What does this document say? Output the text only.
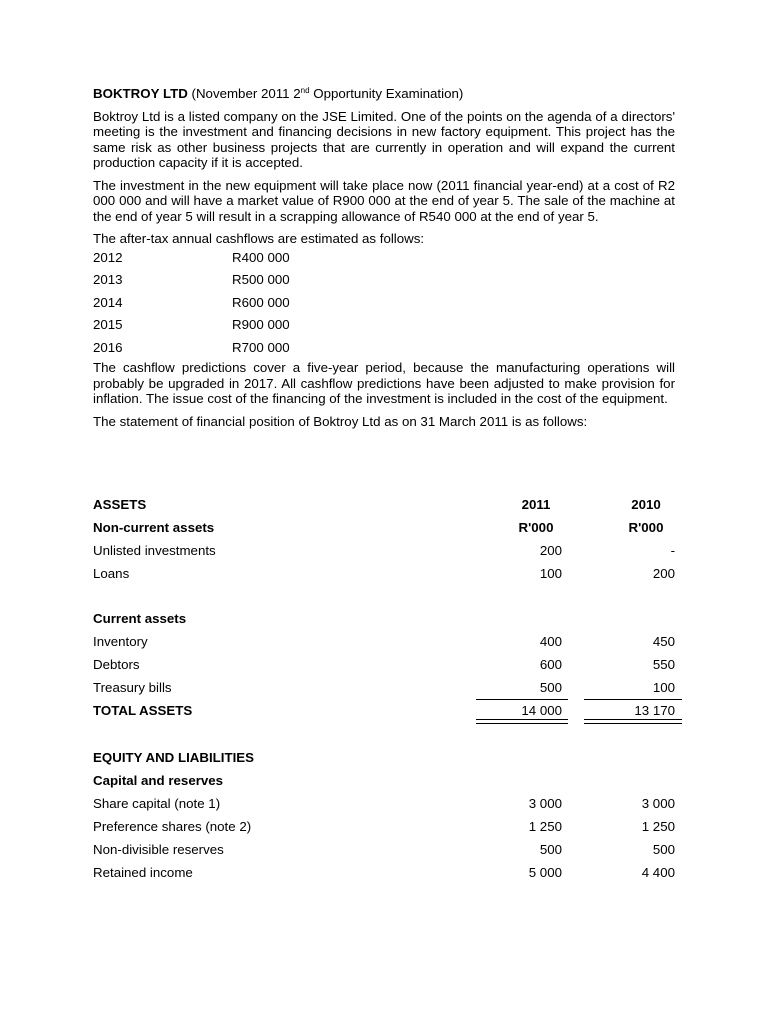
BOKTROY LTD (November 2011 2nd Opportunity Examination)

Boktroy Ltd is a listed company on the JSE Limited. One of the points on the agenda of a directors' meeting is the investment and financing decisions in new factory equipment. This project has the same risk as other business projects that are currently in operation and will expand the current production capacity if it is accepted.

The investment in the new equipment will take place now (2011 financial year-end) at a cost of R2 000 000 and will have a market value of R900 000 at the end of year 5. The sale of the machine at the end of year 5 will result in a scrapping allowance of R540 000 at the end of year 5.

The after-tax annual cashflows are estimated as follows:

2012	R400 000
2013	R500 000
2014	R600 000
2015	R900 000
2016	R700 000

The cashflow predictions cover a five-year period, because the manufacturing operations will probably be upgraded in 2017. All cashflow predictions have been adjusted to make provision for inflation. The issue cost of the financing of the investment is included in the cost of the equipment.

The statement of financial position of Boktroy Ltd as on 31 March 2011 is as follows:

ASSETS	2011	2010
Non-current assets	R'000	R'000
Unlisted investments	200	-
Loans	100	200
Current assets
Inventory	400	450
Debtors	600	550
Treasury bills	500	100
TOTAL ASSETS	14 000	13 170
EQUITY AND LIABILITIES
Capital and reserves
Share capital (note 1)	3 000	3 000
Preference shares (note 2)	1 250	1 250
Non-divisible reserves	500	500
Retained income	5 000	4 400
